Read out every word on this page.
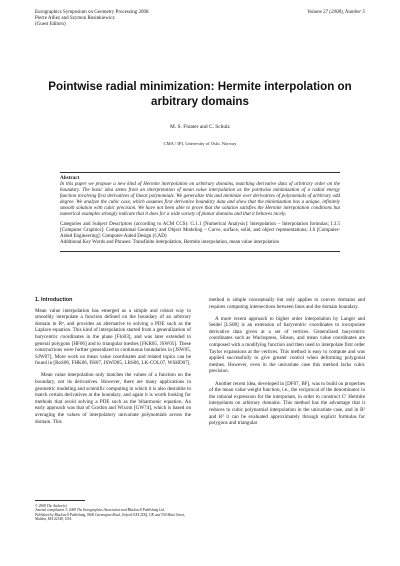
Eurographics Symposium on Geometry Processing 2008
Pierre Alliez and Szymon Rusinkiewicz
(Guest Editors)
Volume 27 (2008), Number 5
Pointwise radial minimization: Hermite interpolation on arbitrary domains
M. S. Floater and C. Schulz
CMA / IFI, University of Oslo, Norway
Abstract
In this paper we propose a new kind of Hermite interpolation on arbitrary domains, matching derivative data of arbitrary order on the boundary. The basic idea stems from an interpretation of mean value interpolation as the pointwise minimization of a radial energy function involving first derivatives of linear polynomials. We generalize this and minimize over derivatives of polynomials of arbitrary odd degree. We analyze the cubic case, which assumes first derivative boundary data and show that the minimization has a unique, infinitely smooth solution with cubic precision. We have not been able to prove that the solution satisfies the Hermite interpolation conditions but numerical examples strongly indicate that it does for a wide variety of planar domains and that it behaves nicely.
Categories and Subject Descriptors (according to ACM CCS): G.1.1 [Numerical Analysis]: Interpolation – Interpolation formulas; I.3.5 [Computer Graphics]: Computational Geometry and Object Modeling – Curve, surface, solid, and object representations; J.6 [Computer-Aided Engineering]: Computer-Aided Design (CAD)
Additional Key Words and Phrases: Transfinite interpolation, Hermite interpolation, mean value interpolation
1. Introduction

Mean value interpolation has emerged as a simple and robust way to smoothly interpolate a function defined on the boundary of an arbitrary domain in Rⁿ, and provides an alternative to solving a PDE such as the Laplace equation. This kind of interpolation started from a generalization of barycentric coordinates in the plane [Flo03], and was later extended to general polygons [HF06] and to triangular meshes [FKR05, JSW05]. These constructions were further generalized to continuous boundaries in [JSW05, SJW07]. More work on mean value coordinates and related topics can be found in [BoS06, FHK06, FH07, JSWD05, LBS06, LK-COL07, WSHD07].

Mean value interpolation only matches the values of a function on the boundary, not its derivatives. However, there are many applications in geometric modeling and scientific computing in which it is also desirable to match certain derivatives at the boundary, and again it is worth looking for methods that avoid solving a PDE such as the biharmonic equation. An early approach was that of Gordon and Wixom [GW74], which is based on averaging the values of interpolatory univariate polynomials across the domain. This

© 2008 The Author(s)
Journal compilation © 2008 The Eurographics Association and Blackwell Publishing Ltd.
Published by Blackwell Publishing, 9600 Garsington Road, Oxford OX4 2DQ, UK and 350 Main Street, Malden, MA 02148, USA.

method is simple conceptually but only applies to convex domains and requires computing intersections between lines and the domain boundary.

A more recent approach to higher order interpolation by Langer and Seidel [LS08] is an extension of barycentric coordinates to incorporate derivative data given at a set of vertices. Generalized barycentric coordinates such as Wachspress, Sibson, and mean value coordinates are composed with a modifying function and then used to interpolate first order Taylor expansions at the vertices. This method is easy to compute and was applied successfully to give greater control when deforming polygonal meshes. However, even in the univariate case this method lacks cubic precision.

Another recent idea, developed in [DF07, BF], was to build on properties of the mean value weight function, i.e., the reciprocal of the denominator in the rational expression for the interpolant, in order to construct C¹ Hermite interpolants on arbitrary domains. This method has the advantage that it reduces to cubic polynomial interpolation in the univariate case, and in R² and R³ it can be evaluated approximately through explicit formulas for polygons and triangular
